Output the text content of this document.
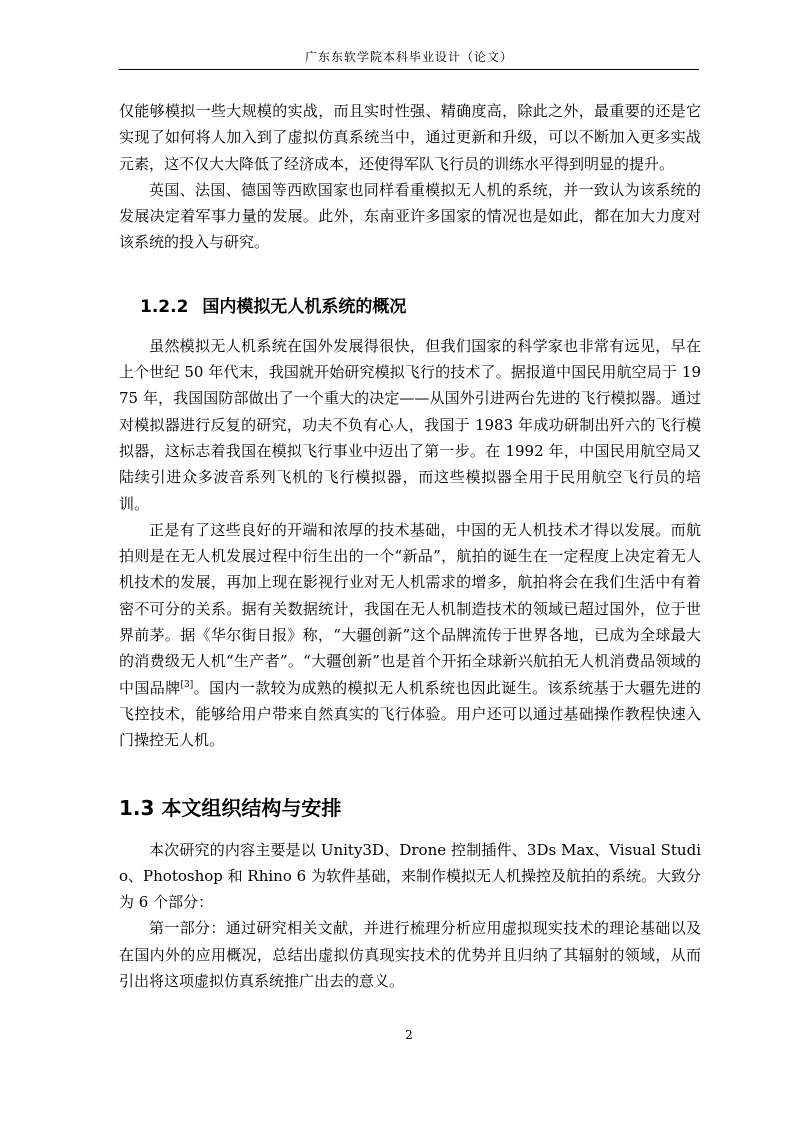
广东东软学院本科毕业设计（论文）

仅能够模拟一些大规模的实战，而且实时性强、精确度高，除此之外，最重要的还是它实现了如何将人加入到了虚拟仿真系统当中，通过更新和升级，可以不断加入更多实战元素，这不仅大大降低了经济成本，还使得军队飞行员的训练水平得到明显的提升。

英国、法国、德国等西欧国家也同样看重模拟无人机的系统，并一致认为该系统的发展决定着军事力量的发展。此外，东南亚许多国家的情况也是如此，都在加大力度对该系统的投入与研究。

1.2.2 国内模拟无人机系统的概况

虽然模拟无人机系统在国外发展得很快，但我们国家的科学家也非常有远见，早在上个世纪 50 年代末，我国就开始研究模拟飞行的技术了。据报道中国民用航空局于 1975 年，我国国防部做出了一个重大的决定——从国外引进两台先进的飞行模拟器。通过对模拟器进行反复的研究，功夫不负有心人，我国于 1983 年成功研制出歼六的飞行模拟器，这标志着我国在模拟飞行事业中迈出了第一步。在 1992 年，中国民用航空局又陆续引进众多波音系列飞机的飞行模拟器，而这些模拟器全用于民用航空飞行员的培训。

正是有了这些良好的开端和浓厚的技术基础，中国的无人机技术才得以发展。而航拍则是在无人机发展过程中衍生出的一个“新品”，航拍的诞生在一定程度上决定着无人机技术的发展，再加上现在影视行业对无人机需求的增多，航拍将会在我们生活中有着密不可分的关系。据有关数据统计，我国在无人机制造技术的领域已超过国外，位于世界前茅。据《华尔街日报》称，“大疆创新”这个品牌流传于世界各地，已成为全球最大的消费级无人机“生产者”。“大疆创新”也是首个开拓全球新兴航拍无人机消费品领域的中国品牌[3]。国内一款较为成熟的模拟无人机系统也因此诞生。该系统基于大疆先进的飞控技术，能够给用户带来自然真实的飞行体验。用户还可以通过基础操作教程快速入门操控无人机。

1.3 本文组织结构与安排

本次研究的内容主要是以 Unity3D、Drone 控制插件、3Ds Max、Visual Studio、Photoshop 和 Rhino 6 为软件基础，来制作模拟无人机操控及航拍的系统。大致分为 6 个部分：

第一部分：通过研究相关文献，并进行梳理分析应用虚拟现实技术的理论基础以及在国内外的应用概况，总结出虚拟仿真现实技术的优势并且归纳了其辐射的领域，从而引出将这项虚拟仿真系统推广出去的意义。

2
